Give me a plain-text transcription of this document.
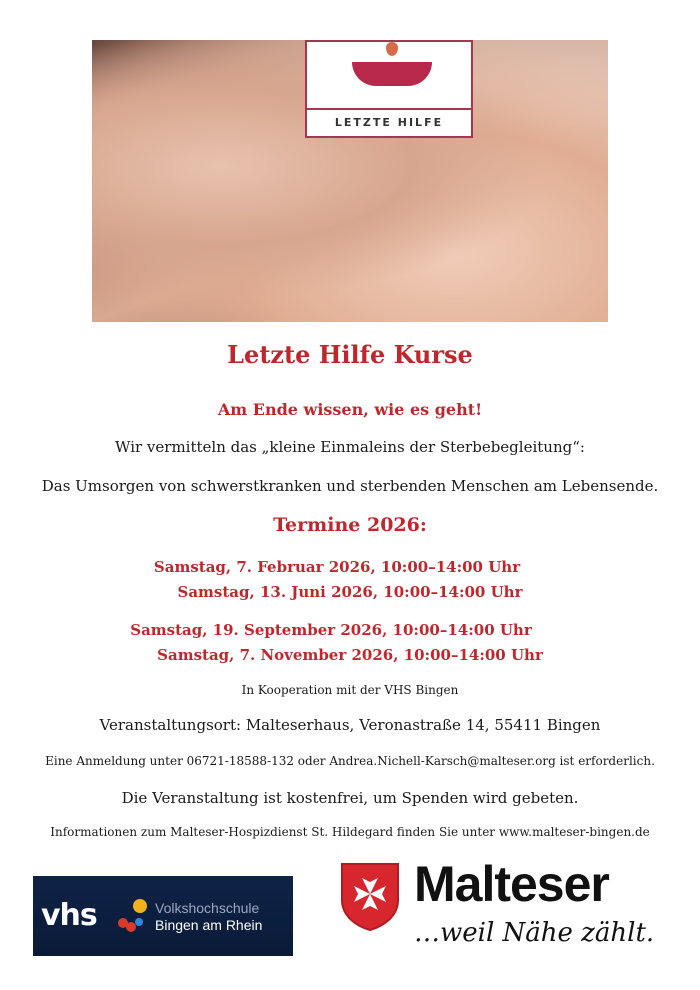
LETZTE HILFE
Letzte Hilfe Kurse
Am Ende wissen, wie es geht!
Wir vermitteln das „kleine Einmaleins der Sterbebegleitung“:
Das Umsorgen von schwerstkranken und sterbenden Menschen am Lebensende.
Termine 2026:
Samstag, 7. Februar 2026, 10:00–14:00 Uhr
Samstag, 13. Juni 2026, 10:00–14:00 Uhr
Samstag, 19. September 2026, 10:00–14:00 Uhr
Samstag, 7. November 2026, 10:00–14:00 Uhr
In Kooperation mit der VHS Bingen
Veranstaltungsort: Malteserhaus, Veronastraße 14, 55411 Bingen
Eine Anmeldung unter 06721-18588-132 oder Andrea.Nichell-Karsch@malteser.org ist erforderlich.
Die Veranstaltung ist kostenfrei, um Spenden wird gebeten.
Informationen zum Malteser-Hospizdienst St. Hildegard finden Sie unter www.malteser-bingen.de
vhs	Volkshochschule
Bingen am Rhein
Malteser
…weil Nähe zählt.
